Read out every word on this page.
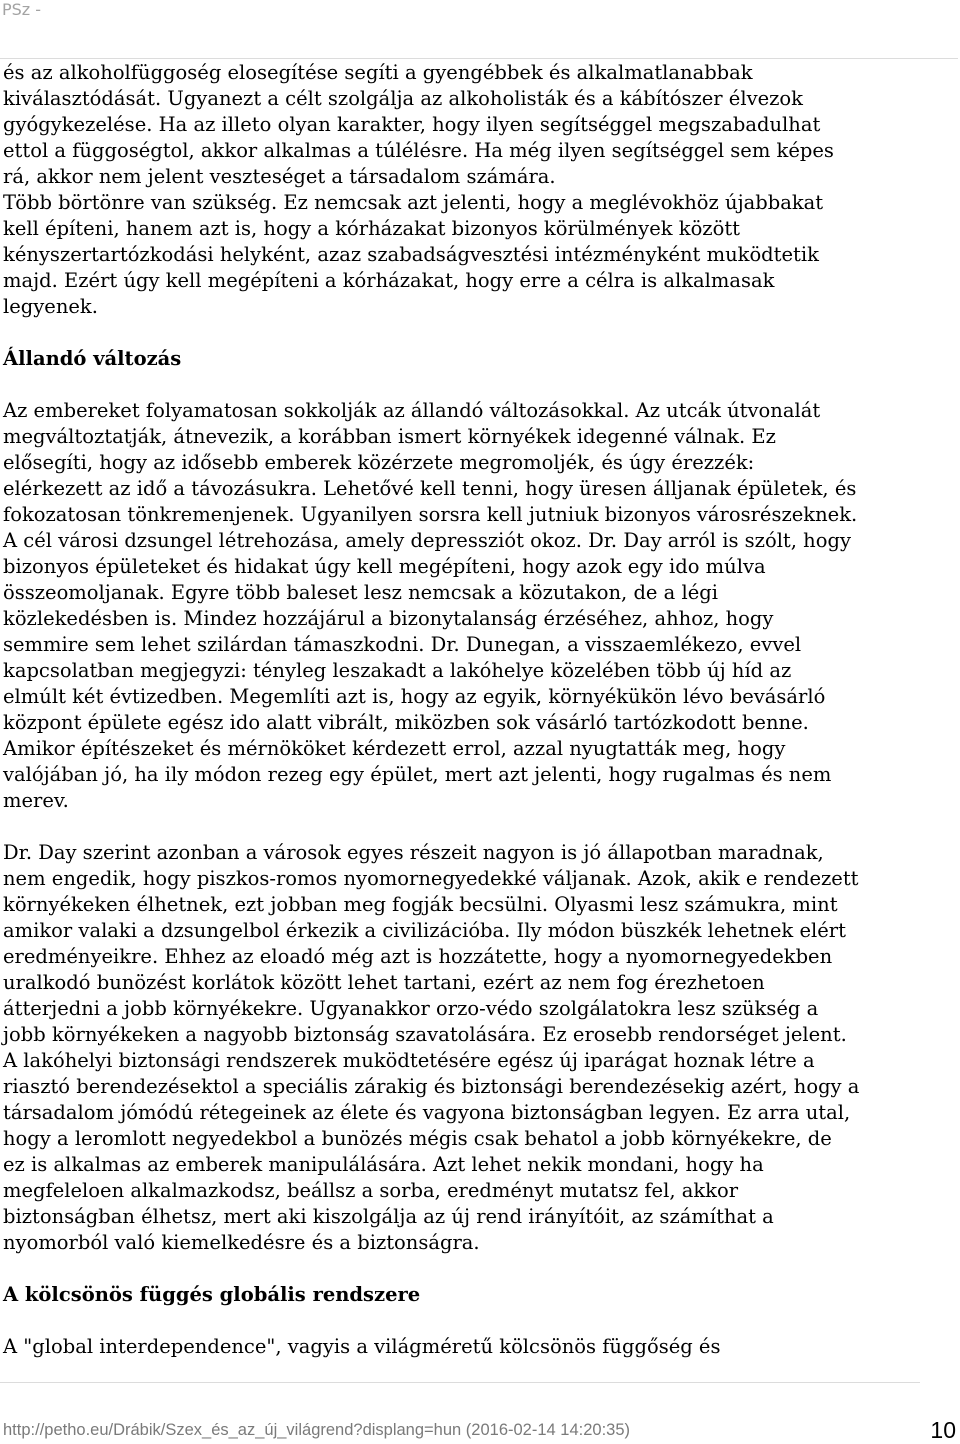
PSz -
és az alkoholfüggoség elosegítése segíti a gyengébbek és alkalmatlanabbak
kiválasztódását. Ugyanezt a célt szolgálja az alkoholisták és a kábítószer élvezok
gyógykezelése. Ha az illeto olyan karakter, hogy ilyen segítséggel megszabadulhat
ettol a függoségtol, akkor alkalmas a túlélésre. Ha még ilyen segítséggel sem képes
rá, akkor nem jelent veszteséget a társadalom számára.
Több börtönre van szükség. Ez nemcsak azt jelenti, hogy a meglévokhöz újabbakat
kell építeni, hanem azt is, hogy a kórházakat bizonyos körülmények között
kényszertartózkodási helyként, azaz szabadságvesztési intézményként muködtetik
majd. Ezért úgy kell megépíteni a kórházakat, hogy erre a célra is alkalmasak
legyenek.
Állandó változás
Az embereket folyamatosan sokkolják az állandó változásokkal. Az utcák útvonalát
megváltoztatják, átnevezik, a korábban ismert környékek idegenné válnak. Ez
elősegíti, hogy az idősebb emberek közérzete megromoljék, és úgy érezzék:
elérkezett az idő a távozásukra. Lehetővé kell tenni, hogy üresen álljanak épületek, és
fokozatosan tönkremenjenek. Ugyanilyen sorsra kell jutniuk bizonyos városrészeknek.
A cél városi dzsungel létrehozása, amely depressziót okoz. Dr. Day arról is szólt, hogy
bizonyos épületeket és hidakat úgy kell megépíteni, hogy azok egy ido múlva
összeomoljanak. Egyre több baleset lesz nemcsak a közutakon, de a légi
közlekedésben is. Mindez hozzájárul a bizonytalanság érzéséhez, ahhoz, hogy
semmire sem lehet szilárdan támaszkodni. Dr. Dunegan, a visszaemlékezo, evvel
kapcsolatban megjegyzi: tényleg leszakadt a lakóhelye közelében több új híd az
elmúlt két évtizedben. Megemlíti azt is, hogy az egyik, környékükön lévo bevásárló
központ épülete egész ido alatt vibrált, miközben sok vásárló tartózkodott benne.
Amikor építészeket és mérnököket kérdezett errol, azzal nyugtatták meg, hogy
valójában jó, ha ily módon rezeg egy épület, mert azt jelenti, hogy rugalmas és nem
merev.
Dr. Day szerint azonban a városok egyes részeit nagyon is jó állapotban maradnak,
nem engedik, hogy piszkos-romos nyomornegyedekké váljanak. Azok, akik e rendezett
környékeken élhetnek, ezt jobban meg fogják becsülni. Olyasmi lesz számukra, mint
amikor valaki a dzsungelbol érkezik a civilizációba. Ily módon büszkék lehetnek elért
eredményeikre. Ehhez az eloadó még azt is hozzátette, hogy a nyomornegyedekben
uralkodó bunözést korlátok között lehet tartani, ezért az nem fog érezhetoen
átterjedni a jobb környékekre. Ugyanakkor orzo-védo szolgálatokra lesz szükség a
jobb környékeken a nagyobb biztonság szavatolására. Ez erosebb rendorséget jelent.
A lakóhelyi biztonsági rendszerek muködtetésére egész új iparágat hoznak létre a
riasztó berendezésektol a speciális zárakig és biztonsági berendezésekig azért, hogy a
társadalom jómódú rétegeinek az élete és vagyona biztonságban legyen. Ez arra utal,
hogy a leromlott negyedekbol a bunözés mégis csak behatol a jobb környékekre, de
ez is alkalmas az emberek manipulálására. Azt lehet nekik mondani, hogy ha
megfeleloen alkalmazkodsz, beállsz a sorba, eredményt mutatsz fel, akkor
biztonságban élhetsz, mert aki kiszolgálja az új rend irányítóit, az számíthat a
nyomorból való kiemelkedésre és a biztonságra.
A kölcsönös függés globális rendszere
A "global interdependence", vagyis a világméretű kölcsönös függőség és
http://petho.eu/Drábik/Szex_és_az_új_világrend?displang=hun (2016-02-14 14:20:35)	10
